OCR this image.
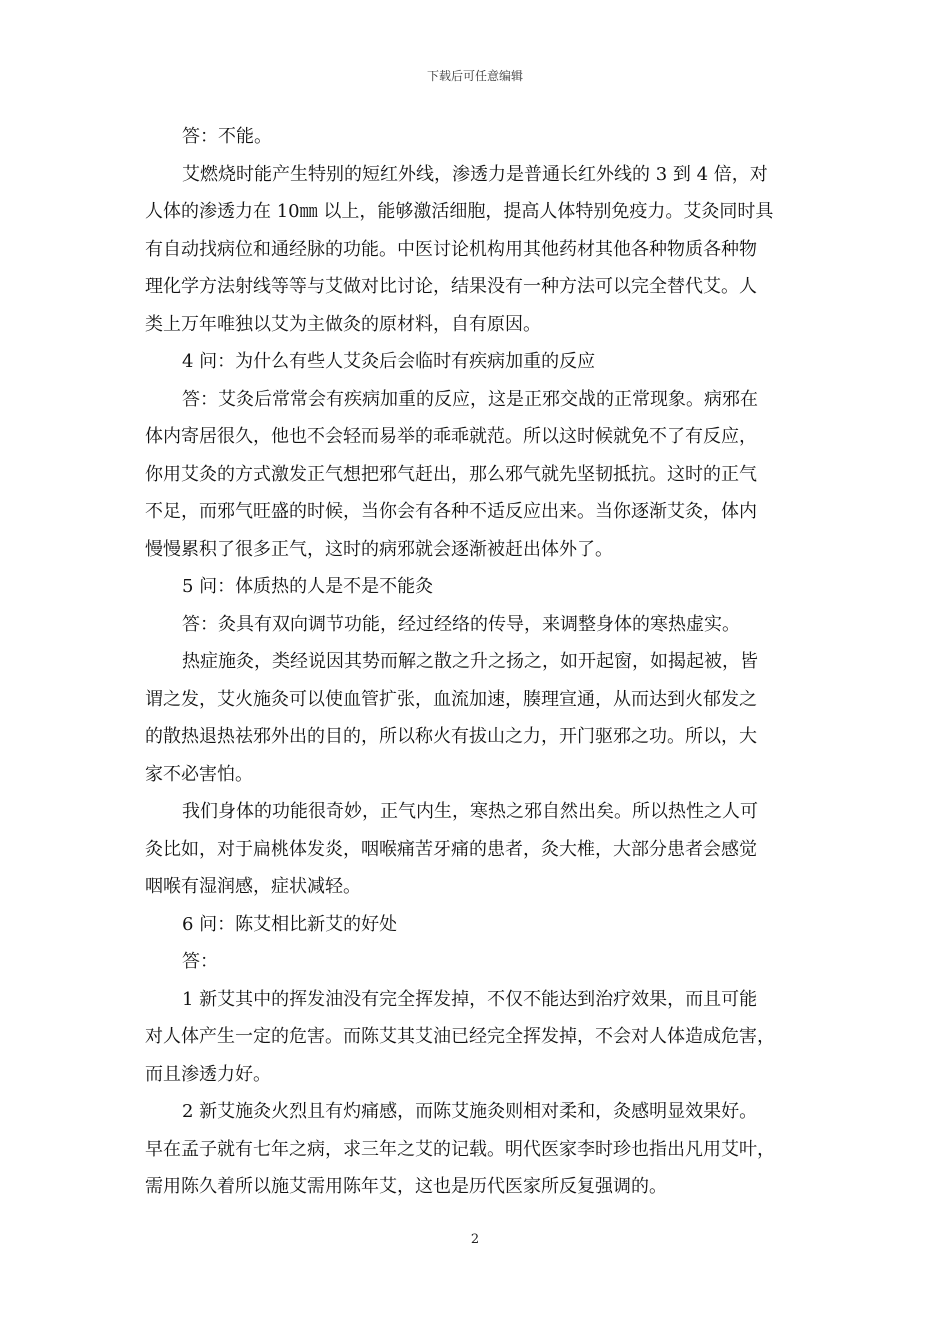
下载后可任意编辑
答：不能。
艾燃烧时能产生特别的短红外线，渗透力是普通长红外线的 3 到 4 倍，对
人体的渗透力在 10㎜ 以上，能够激活细胞，提高人体特别免疫力。艾灸同时具
有自动找病位和通经脉的功能。中医讨论机构用其他药材其他各种物质各种物
理化学方法射线等等与艾做对比讨论，结果没有一种方法可以完全替代艾。人
类上万年唯独以艾为主做灸的原材料，自有原因。
4 问：为什么有些人艾灸后会临时有疾病加重的反应
答：艾灸后常常会有疾病加重的反应，这是正邪交战的正常现象。病邪在
体内寄居很久，他也不会轻而易举的乖乖就范。所以这时候就免不了有反应，
你用艾灸的方式激发正气想把邪气赶出，那么邪气就先坚韧抵抗。这时的正气
不足，而邪气旺盛的时候，当你会有各种不适反应出来。当你逐渐艾灸，体内
慢慢累积了很多正气，这时的病邪就会逐渐被赶出体外了。
5 问：体质热的人是不是不能灸
答：灸具有双向调节功能，经过经络的传导，来调整身体的寒热虚实。
热症施灸，类经说因其势而解之散之升之扬之，如开起窗，如揭起被，皆
谓之发，艾火施灸可以使血管扩张，血流加速，腠理宣通，从而达到火郁发之
的散热退热祛邪外出的目的，所以称火有拔山之力，开门驱邪之功。所以，大
家不必害怕。
我们身体的功能很奇妙，正气内生，寒热之邪自然出矣。所以热性之人可
灸比如，对于扁桃体发炎，咽喉痛苦牙痛的患者，灸大椎，大部分患者会感觉
咽喉有湿润感，症状减轻。
6 问：陈艾相比新艾的好处
答：
1 新艾其中的挥发油没有完全挥发掉，不仅不能达到治疗效果，而且可能
对人体产生一定的危害。而陈艾其艾油已经完全挥发掉，不会对人体造成危害，
而且渗透力好。
2 新艾施灸火烈且有灼痛感，而陈艾施灸则相对柔和，灸感明显效果好。
早在孟子就有七年之病，求三年之艾的记载。明代医家李时珍也指出凡用艾叶，
需用陈久着所以施艾需用陈年艾，这也是历代医家所反复强调的。
2
